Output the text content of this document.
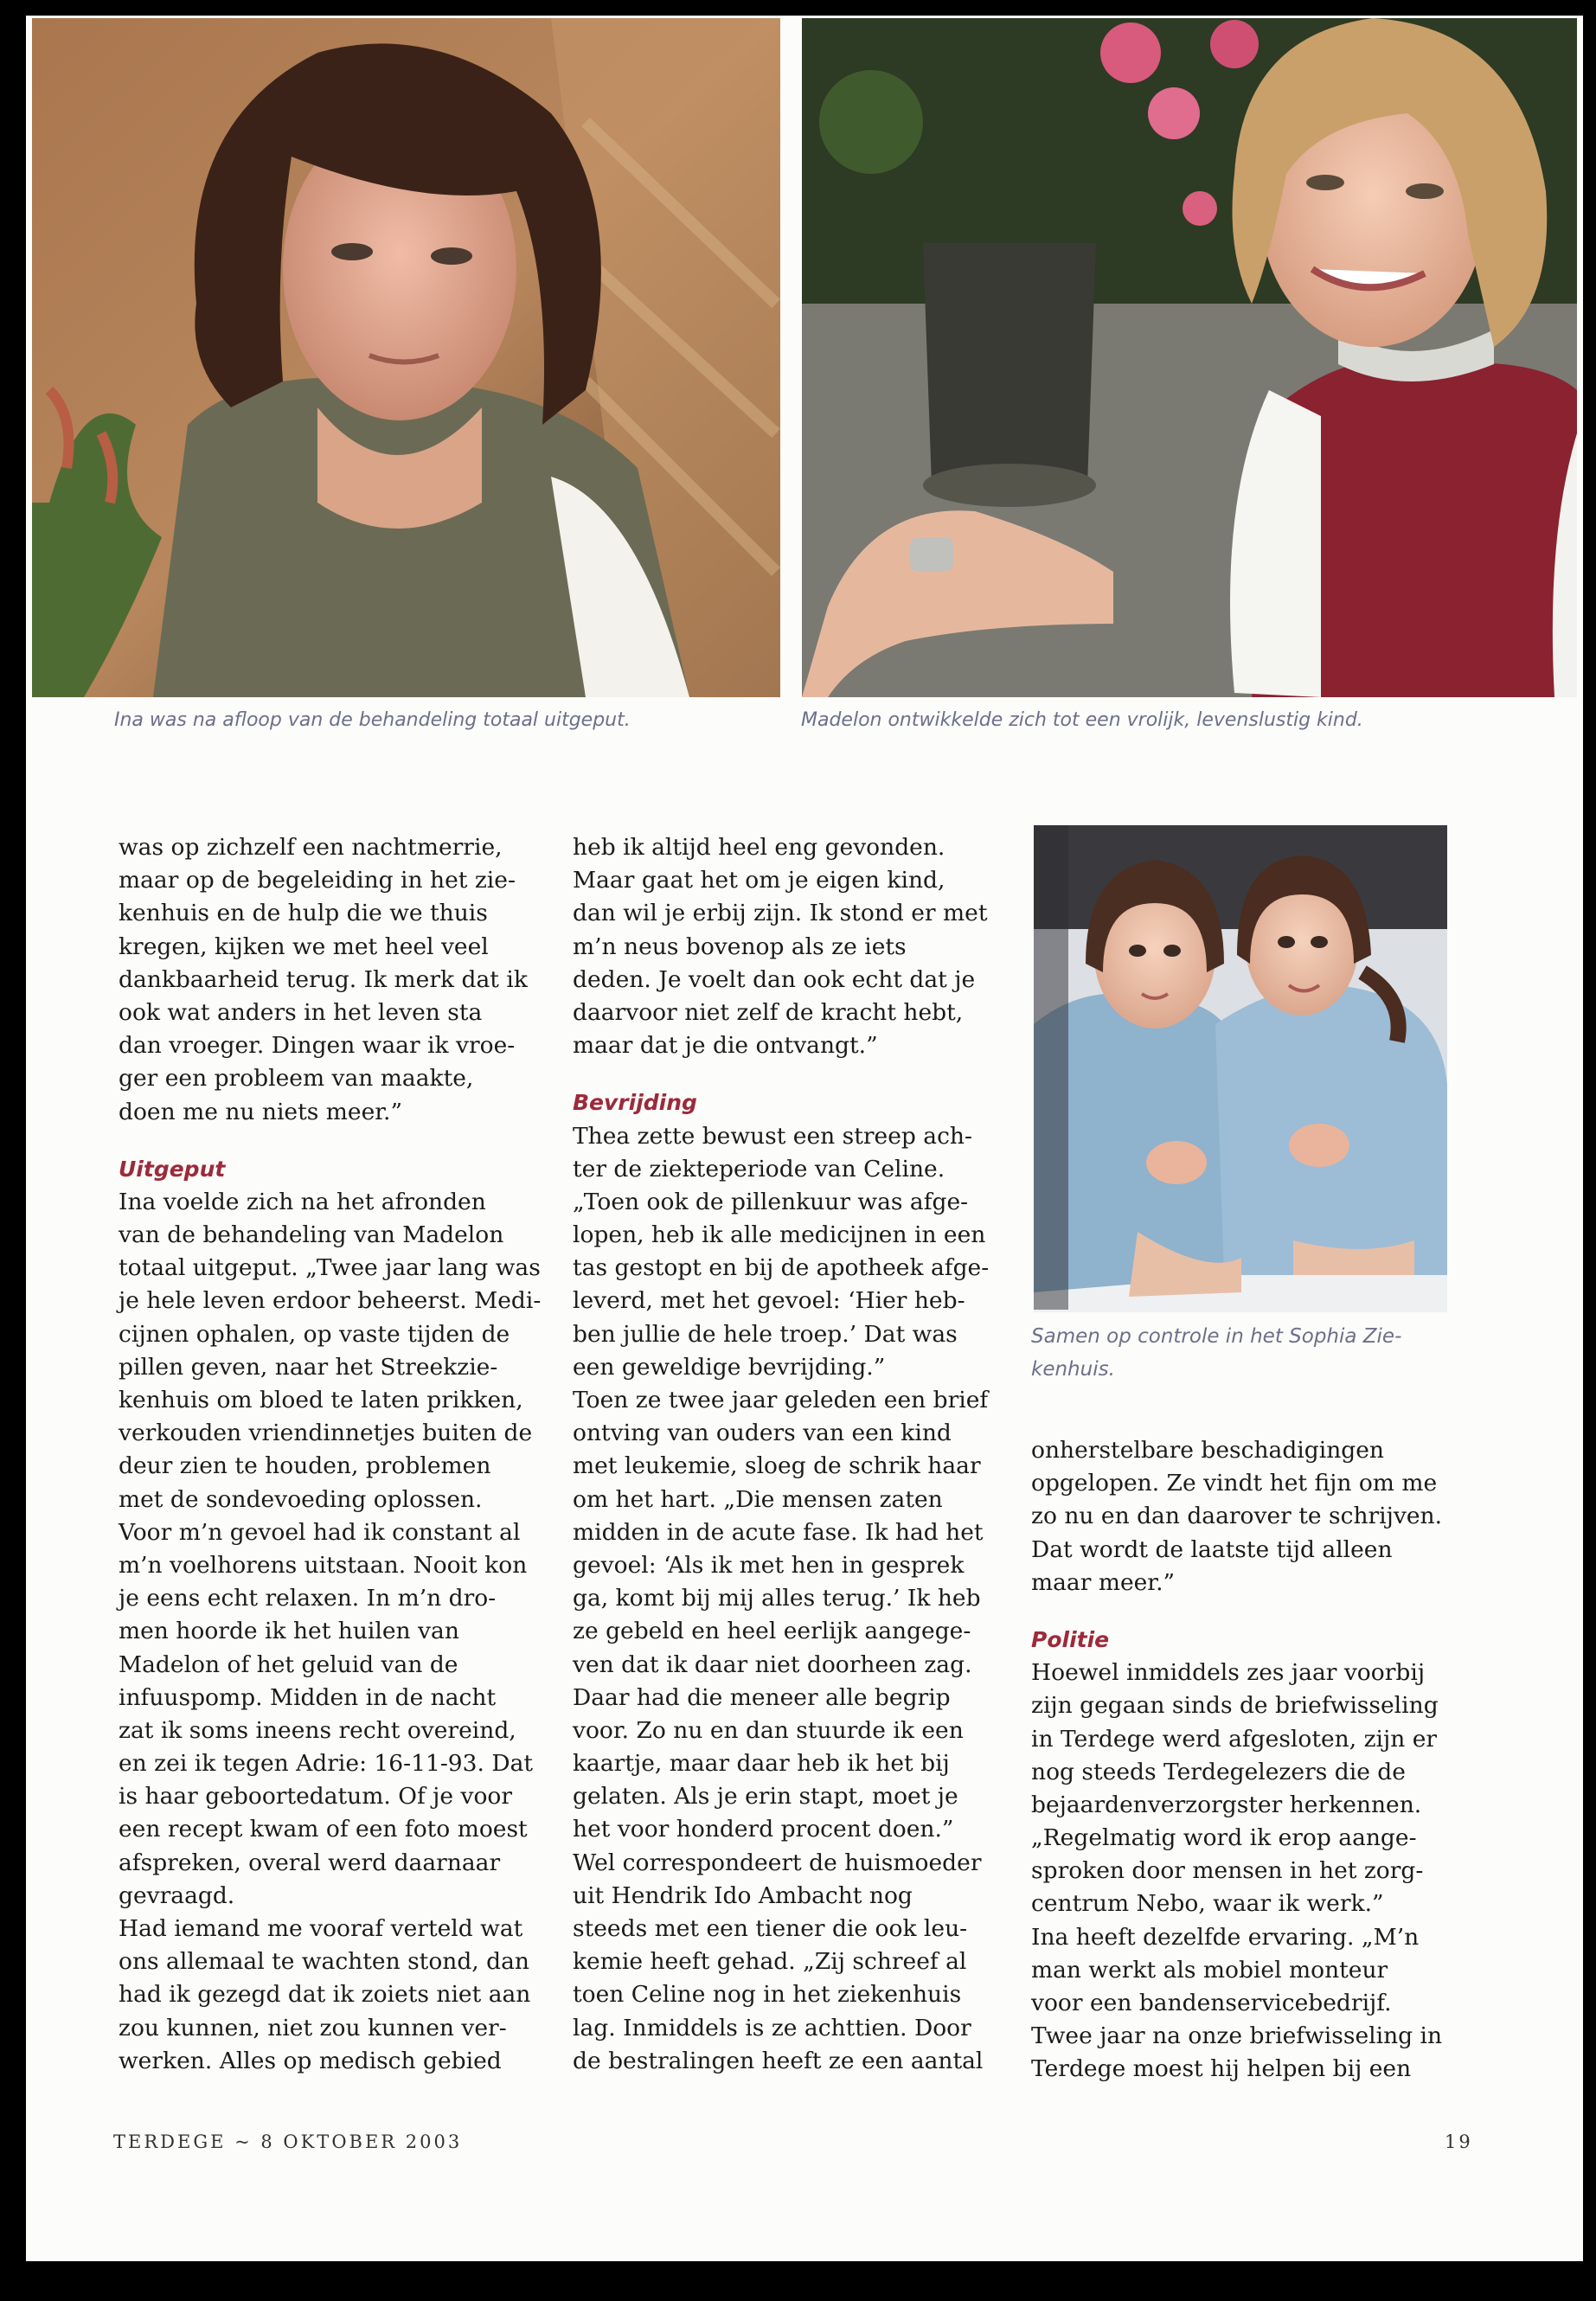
Ina was na afloop van de behandeling totaal uitgeput.	Madelon ontwikkelde zich tot een vrolijk, levenslustig kind.
Samen op controle in het Sophia Zie-
kenhuis.
was op zichzelf een nachtmerrie,
maar op de begeleiding in het zie-
kenhuis en de hulp die we thuis
kregen, kijken we met heel veel
dankbaarheid terug. Ik merk dat ik
ook wat anders in het leven sta
dan vroeger. Dingen waar ik vroe-
ger een probleem van maakte,
doen me nu niets meer.”
Uitgeput
Ina voelde zich na het afronden
van de behandeling van Madelon
totaal uitgeput. „Twee jaar lang was
je hele leven erdoor beheerst. Medi-
cijnen ophalen, op vaste tijden de
pillen geven, naar het Streekzie-
kenhuis om bloed te laten prikken,
verkouden vriendinnetjes buiten de
deur zien te houden, problemen
met de sondevoeding oplossen.
Voor m’n gevoel had ik constant al
m’n voelhorens uitstaan. Nooit kon
je eens echt relaxen. In m’n dro-
men hoorde ik het huilen van
Madelon of het geluid van de
infuuspomp. Midden in de nacht
zat ik soms ineens recht overeind,
en zei ik tegen Adrie: 16-11-93. Dat
is haar geboortedatum. Of je voor
een recept kwam of een foto moest
afspreken, overal werd daarnaar
gevraagd.
Had iemand me vooraf verteld wat
ons allemaal te wachten stond, dan
had ik gezegd dat ik zoiets niet aan
zou kunnen, niet zou kunnen ver-
werken. Alles op medisch gebied
heb ik altijd heel eng gevonden.
Maar gaat het om je eigen kind,
dan wil je erbij zijn. Ik stond er met
m’n neus bovenop als ze iets
deden. Je voelt dan ook echt dat je
daarvoor niet zelf de kracht hebt,
maar dat je die ontvangt.”
Bevrijding
Thea zette bewust een streep ach-
ter de ziekteperiode van Celine.
„Toen ook de pillenkuur was afge-
lopen, heb ik alle medicijnen in een
tas gestopt en bij de apotheek afge-
leverd, met het gevoel: ‘Hier heb-
ben jullie de hele troep.’ Dat was
een geweldige bevrijding.”
Toen ze twee jaar geleden een brief
ontving van ouders van een kind
met leukemie, sloeg de schrik haar
om het hart. „Die mensen zaten
midden in de acute fase. Ik had het
gevoel: ‘Als ik met hen in gesprek
ga, komt bij mij alles terug.’ Ik heb
ze gebeld en heel eerlijk aangege-
ven dat ik daar niet doorheen zag.
Daar had die meneer alle begrip
voor. Zo nu en dan stuurde ik een
kaartje, maar daar heb ik het bij
gelaten. Als je erin stapt, moet je
het voor honderd procent doen.”
Wel correspondeert de huismoeder
uit Hendrik Ido Ambacht nog
steeds met een tiener die ook leu-
kemie heeft gehad. „Zij schreef al
toen Celine nog in het ziekenhuis
lag. Inmiddels is ze achttien. Door
de bestralingen heeft ze een aantal
onherstelbare beschadigingen
opgelopen. Ze vindt het fijn om me
zo nu en dan daarover te schrijven.
Dat wordt de laatste tijd alleen
maar meer.”
Politie
Hoewel inmiddels zes jaar voorbij
zijn gegaan sinds de briefwisseling
in Terdege werd afgesloten, zijn er
nog steeds Terdegelezers die de
bejaardenverzorgster herkennen.
„Regelmatig word ik erop aange-
sproken door mensen in het zorg-
centrum Nebo, waar ik werk.”
Ina heeft dezelfde ervaring. „M’n
man werkt als mobiel monteur
voor een bandenservicebedrijf.
Twee jaar na onze briefwisseling in
Terdege moest hij helpen bij een
TERDEGE ~ 8 OKTOBER 2003	19
